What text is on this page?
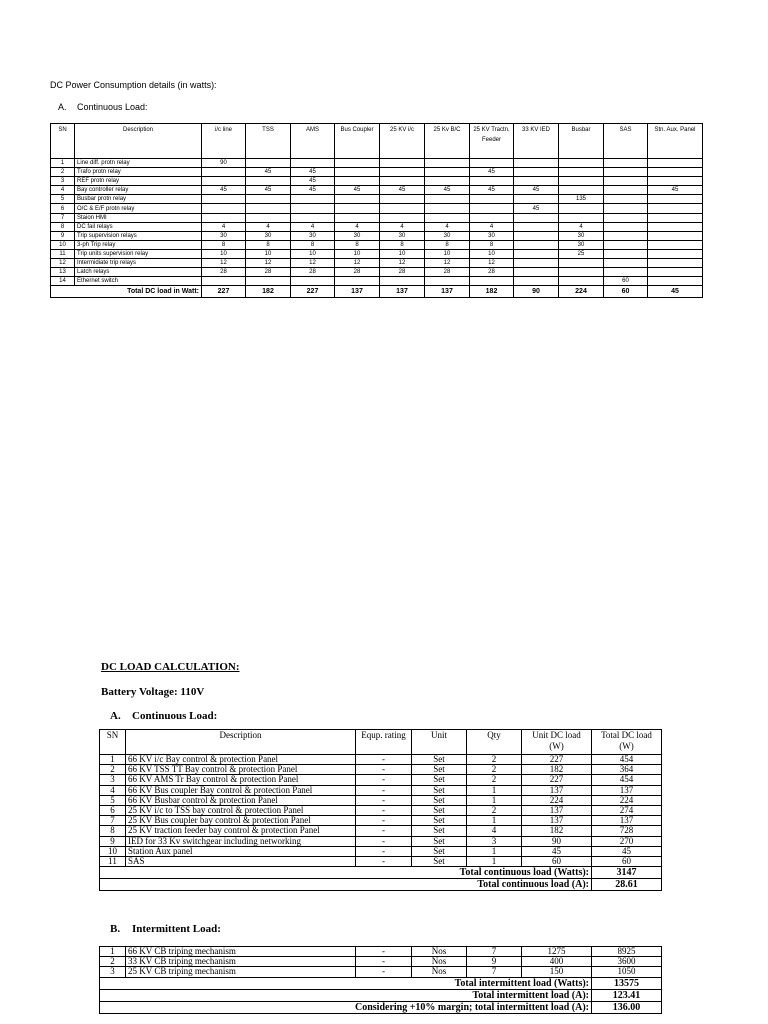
DC Power Consumption details (in watts):
A. Continuous Load:
SN	Description	i/c line	TSS	AMS	Bus Coupler	25 KV i/c	25 Kv B/C	25 KV Tractn. Feeder	33 KV IED	Busbar	SAS	Stn. Aux. Panel
1	Line diff. protn relay	90										
2	Trafo protn relay		45	45				45				
3	REF protn relay			45								
4	Bay controller relay	45	45	45	45	45	45	45	45			45
5	Busbar protn relay									135		
6	O/C & E/F protn relay								45			
7	Staion HMI											
8	DC fail relays	4	4	4	4	4	4	4		4		
9	Trip supervision relays	30	30	30	30	30	30	30		30		
10	3-ph Trip relay	8	8	8	8	8	8	8		30		
11	Trip units supervision relay	10	10	10	10	10	10	10		25		
12	Intermidiate trip relays	12	12	12	12	12	12	12				
13	Latch relays	28	28	28	28	28	28	28				
14	Ethernet switch										60	
Total DC load in Watt:		227	182	227	137	137	137	182	90	224	60	45
DC LOAD CALCULATION:
Battery Voltage: 110V
A. Continuous Load:
SN	Description	Equp. rating	Unit	Qty	Unit DC load (W)	Total DC load (W)
1	66 KV i/c Bay control & protection Panel	-	Set	2	227	454
2	66 KV TSS TT Bay control & protection Panel	-	Set	2	182	364
3	66 KV AMS Tr Bay control & protection Panel	-	Set	2	227	454
4	66 KV Bus coupler Bay control & protection Panel	-	Set	1	137	137
5	66 KV Busbar control & protection Panel	-	Set	1	224	224
6	25 KV i/c to TSS bay control & protection Panel	-	Set	2	137	274
7	25 KV Bus coupler bay control & protection Panel	-	Set	1	137	137
8	25 KV traction feeder bay control & protection Panel	-	Set	4	182	728
9	IED for 33 Kv switchgear including networking	-	Set	3	90	270
10	Station Aux panel	-	Set	1	45	45
11	SAS	-	Set	1	60	60
Total continuous load (Watts):						3147
Total continuous load (A):						28.61
B. Intermittent Load:
1	66 KV CB triping mechanism	-	Nos	7	1275	8925
2	33 KV CB triping mechanism	-	Nos	9	400	3600
3	25 KV CB triping mechanism	-	Nos	7	150	1050
Total intermittent load (Watts):						13575
Total intermittent load (A):						123.41
Considering +10% margin; total intermittent load (A):						136.00
